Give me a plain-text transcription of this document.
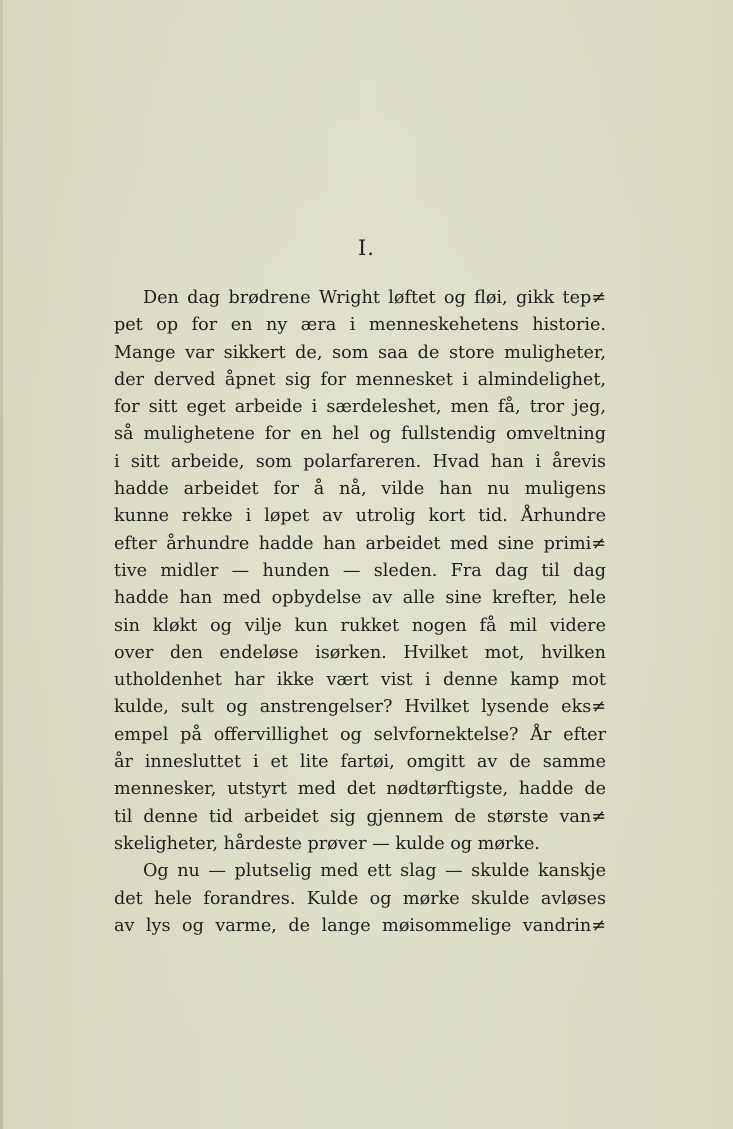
I.
Den dag brødrene Wright løftet og fløi, gikk tep≠
pet op for en ny æra i menneskehetens historie.
Mange var sikkert de, som saa de store muligheter,
der derved åpnet sig for mennesket i almindelighet,
for sitt eget arbeide i særdeleshet, men få, tror jeg,
så mulighetene for en hel og fullstendig omveltning
i sitt arbeide, som polarfareren. Hvad han i årevis
hadde arbeidet for å nå, vilde han nu muligens
kunne rekke i løpet av utrolig kort tid. Århundre
efter århundre hadde han arbeidet med sine primi≠
tive midler — hunden — sleden. Fra dag til dag
hadde han med opbydelse av alle sine krefter, hele
sin kløkt og vilje kun rukket nogen få mil videre
over den endeløse isørken. Hvilket mot, hvilken
utholdenhet har ikke vært vist i denne kamp mot
kulde, sult og anstrengelser? Hvilket lysende eks≠
empel på offervillighet og selvfornektelse? År efter
år innesluttet i et lite fartøi, omgitt av de samme
mennesker, utstyrt med det nødtørftigste, hadde de
til denne tid arbeidet sig gjennem de største van≠
skeligheter, hårdeste prøver — kulde og mørke.
Og nu — plutselig med ett slag — skulde kanskje
det hele forandres. Kulde og mørke skulde avløses
av lys og varme, de lange møisommelige vandrin≠
